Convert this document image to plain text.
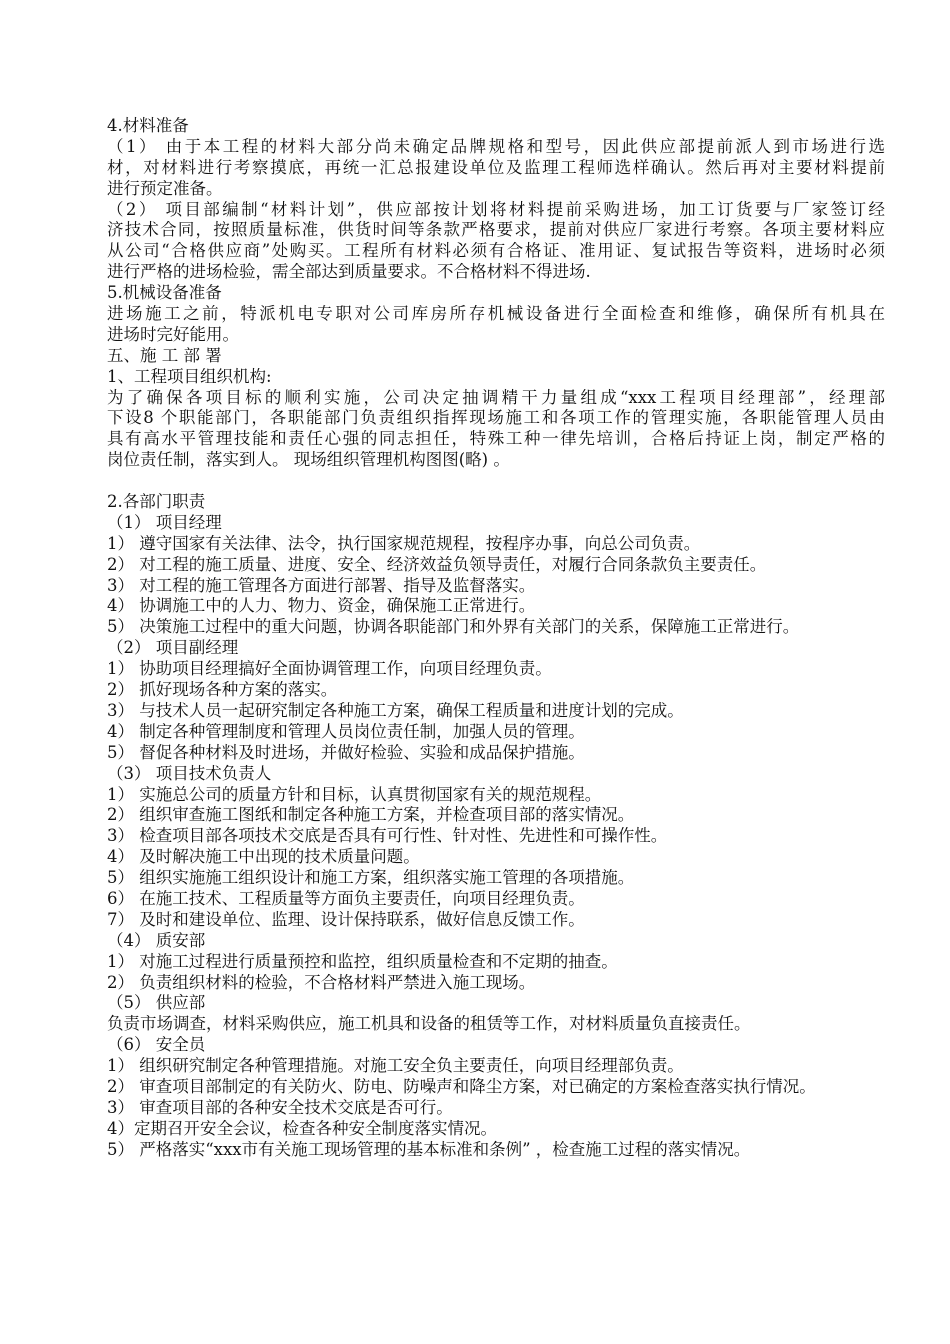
4.材料准备
（1） 由于本工程的材料大部分尚未确定品牌规格和型号，因此供应部提前派人到市场进行选
材，对材料进行考察摸底，再统一汇总报建设单位及监理工程师选样确认。然后再对主要材料提前
进行预定准备。
（2） 项目部编制“材料计划”，供应部按计划将材料提前采购进场，加工订货要与厂家签订经
济技术合同，按照质量标准，供货时间等条款严格要求，提前对供应厂家进行考察。各项主要材料应
从公司“合格供应商”处购买。工程所有材料必须有合格证、准用证、复试报告等资料，进场时必须
进行严格的进场检验，需全部达到质量要求。不合格材料不得进场.
5.机械设备准备
进场施工之前，特派机电专职对公司库房所存机械设备进行全面检查和维修，确保所有机具在
进场时完好能用。
五、施 工 部 署
1、工程项目组织机构:
为了确保各项目标的顺利实施，公司决定抽调精干力量组成“xxx工程项目经理部”，经理部
下设8 个职能部门，各职能部门负责组织指挥现场施工和各项工作的管理实施，各职能管理人员由
具有高水平管理技能和责任心强的同志担任，特殊工种一律先培训，合格后持证上岗，制定严格的
岗位责任制，落实到人。 现场组织管理机构图图(略) 。
2.各部门职责
（1） 项目经理
1） 遵守国家有关法律、法令，执行国家规范规程，按程序办事，向总公司负责。
2） 对工程的施工质量、进度、安全、经济效益负领导责任，对履行合同条款负主要责任。
3） 对工程的施工管理各方面进行部署、指导及监督落实。
4） 协调施工中的人力、物力、资金，确保施工正常进行。
5） 决策施工过程中的重大问题，协调各职能部门和外界有关部门的关系，保障施工正常进行。
（2） 项目副经理
1） 协助项目经理搞好全面协调管理工作，向项目经理负责。
2） 抓好现场各种方案的落实。
3） 与技术人员一起研究制定各种施工方案，确保工程质量和进度计划的完成。
4） 制定各种管理制度和管理人员岗位责任制，加强人员的管理。
5） 督促各种材料及时进场，并做好检验、实验和成品保护措施。
（3） 项目技术负责人
1） 实施总公司的质量方针和目标，认真贯彻国家有关的规范规程。
2） 组织审查施工图纸和制定各种施工方案，并检查项目部的落实情况。
3） 检查项目部各项技术交底是否具有可行性、针对性、先进性和可操作性。
4） 及时解决施工中出现的技术质量问题。
5） 组织实施施工组织设计和施工方案，组织落实施工管理的各项措施。
6） 在施工技术、工程质量等方面负主要责任，向项目经理负责。
7） 及时和建设单位、监理、设计保持联系，做好信息反馈工作。
（4） 质安部
1） 对施工过程进行质量预控和监控，组织质量检查和不定期的抽查。
2） 负责组织材料的检验，不合格材料严禁进入施工现场。
（5） 供应部
负责市场调查，材料采购供应，施工机具和设备的租赁等工作，对材料质量负直接责任。
（6） 安全员
1） 组织研究制定各种管理措施。对施工安全负主要责任，向项目经理部负责。
2） 审查项目部制定的有关防火、防电、防噪声和降尘方案，对已确定的方案检查落实执行情况。
3） 审查项目部的各种安全技术交底是否可行。
4）定期召开安全会议，检查各种安全制度落实情况。
5） 严格落实“xxx市有关施工现场管理的基本标准和条例” ，检查施工过程的落实情况。
